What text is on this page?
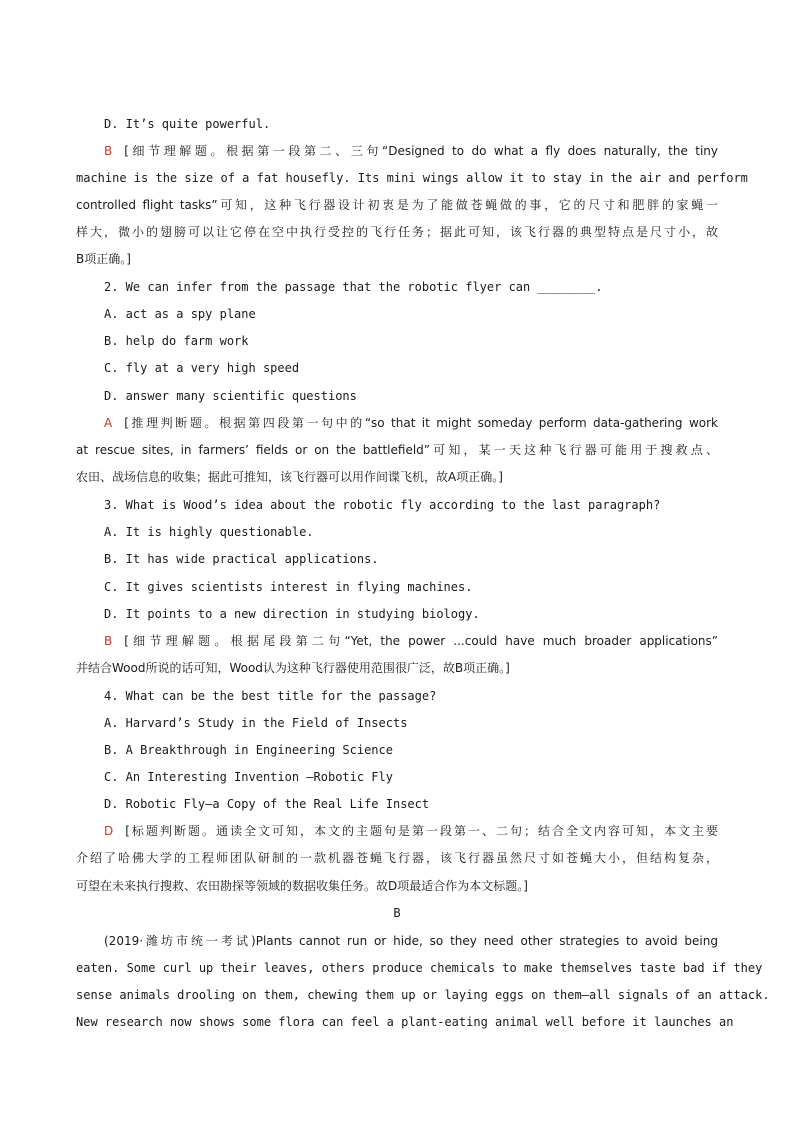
D. It’s quite powerful.
B [细节理解题。根据第一段第二、三句“Designed to do what a fly does naturally, the tiny
machine is the size of a fat housefly. Its mini wings allow it to stay in the air and perform
controlled flight tasks”可知，这种飞行器设计初衷是为了能做苍蝇做的事，它的尺寸和肥胖的家蝇一
样大，微小的翅膀可以让它停在空中执行受控的飞行任务；据此可知，该飞行器的典型特点是尺寸小，故
B项正确。]
2. We can infer from the passage that the robotic flyer can ________.
A. act as a spy plane
B. help do farm work
C. fly at a very high speed
D. answer many scientific questions
A [推理判断题。根据第四段第一句中的“so that it might someday perform data-gathering work
at rescue sites, in farmers’ fields or on the battlefield”可知，某一天这种飞行器可能用于搜救点、
农田、战场信息的收集；据此可推知，该飞行器可以用作间谍飞机，故A项正确。]
3. What is Wood’s idea about the robotic fly according to the last paragraph?
A. It is highly questionable.
B. It has wide practical applications.
C. It gives scientists interest in flying machines.
D. It points to a new direction in studying biology.
B [细节理解题。根据尾段第二句“Yet, the power ...could have much broader applications”
并结合Wood所说的话可知，Wood认为这种飞行器使用范围很广泛，故B项正确。]
4. What can be the best title for the passage?
A. Harvard’s Study in the Field of Insects
B. A Breakthrough in Engineering Science
C. An Interesting Invention —Robotic Fly
D. Robotic Fly—a Copy of the Real Life Insect
D [标题判断题。通读全文可知，本文的主题句是第一段第一、二句；结合全文内容可知，本文主要
介绍了哈佛大学的工程师团队研制的一款机器苍蝇飞行器，该飞行器虽然尺寸如苍蝇大小，但结构复杂，
可望在未来执行搜救、农田勘探等领域的数据收集任务。故D项最适合作为本文标题。]
B
(2019·潍坊市统一考试)Plants cannot run or hide, so they need other strategies to avoid being
eaten. Some curl up their leaves, others produce chemicals to make themselves taste bad if they
sense animals drooling on them, chewing them up or laying eggs on them—all signals of an attack.
New research now shows some flora can feel a plant-eating animal well before it launches an
